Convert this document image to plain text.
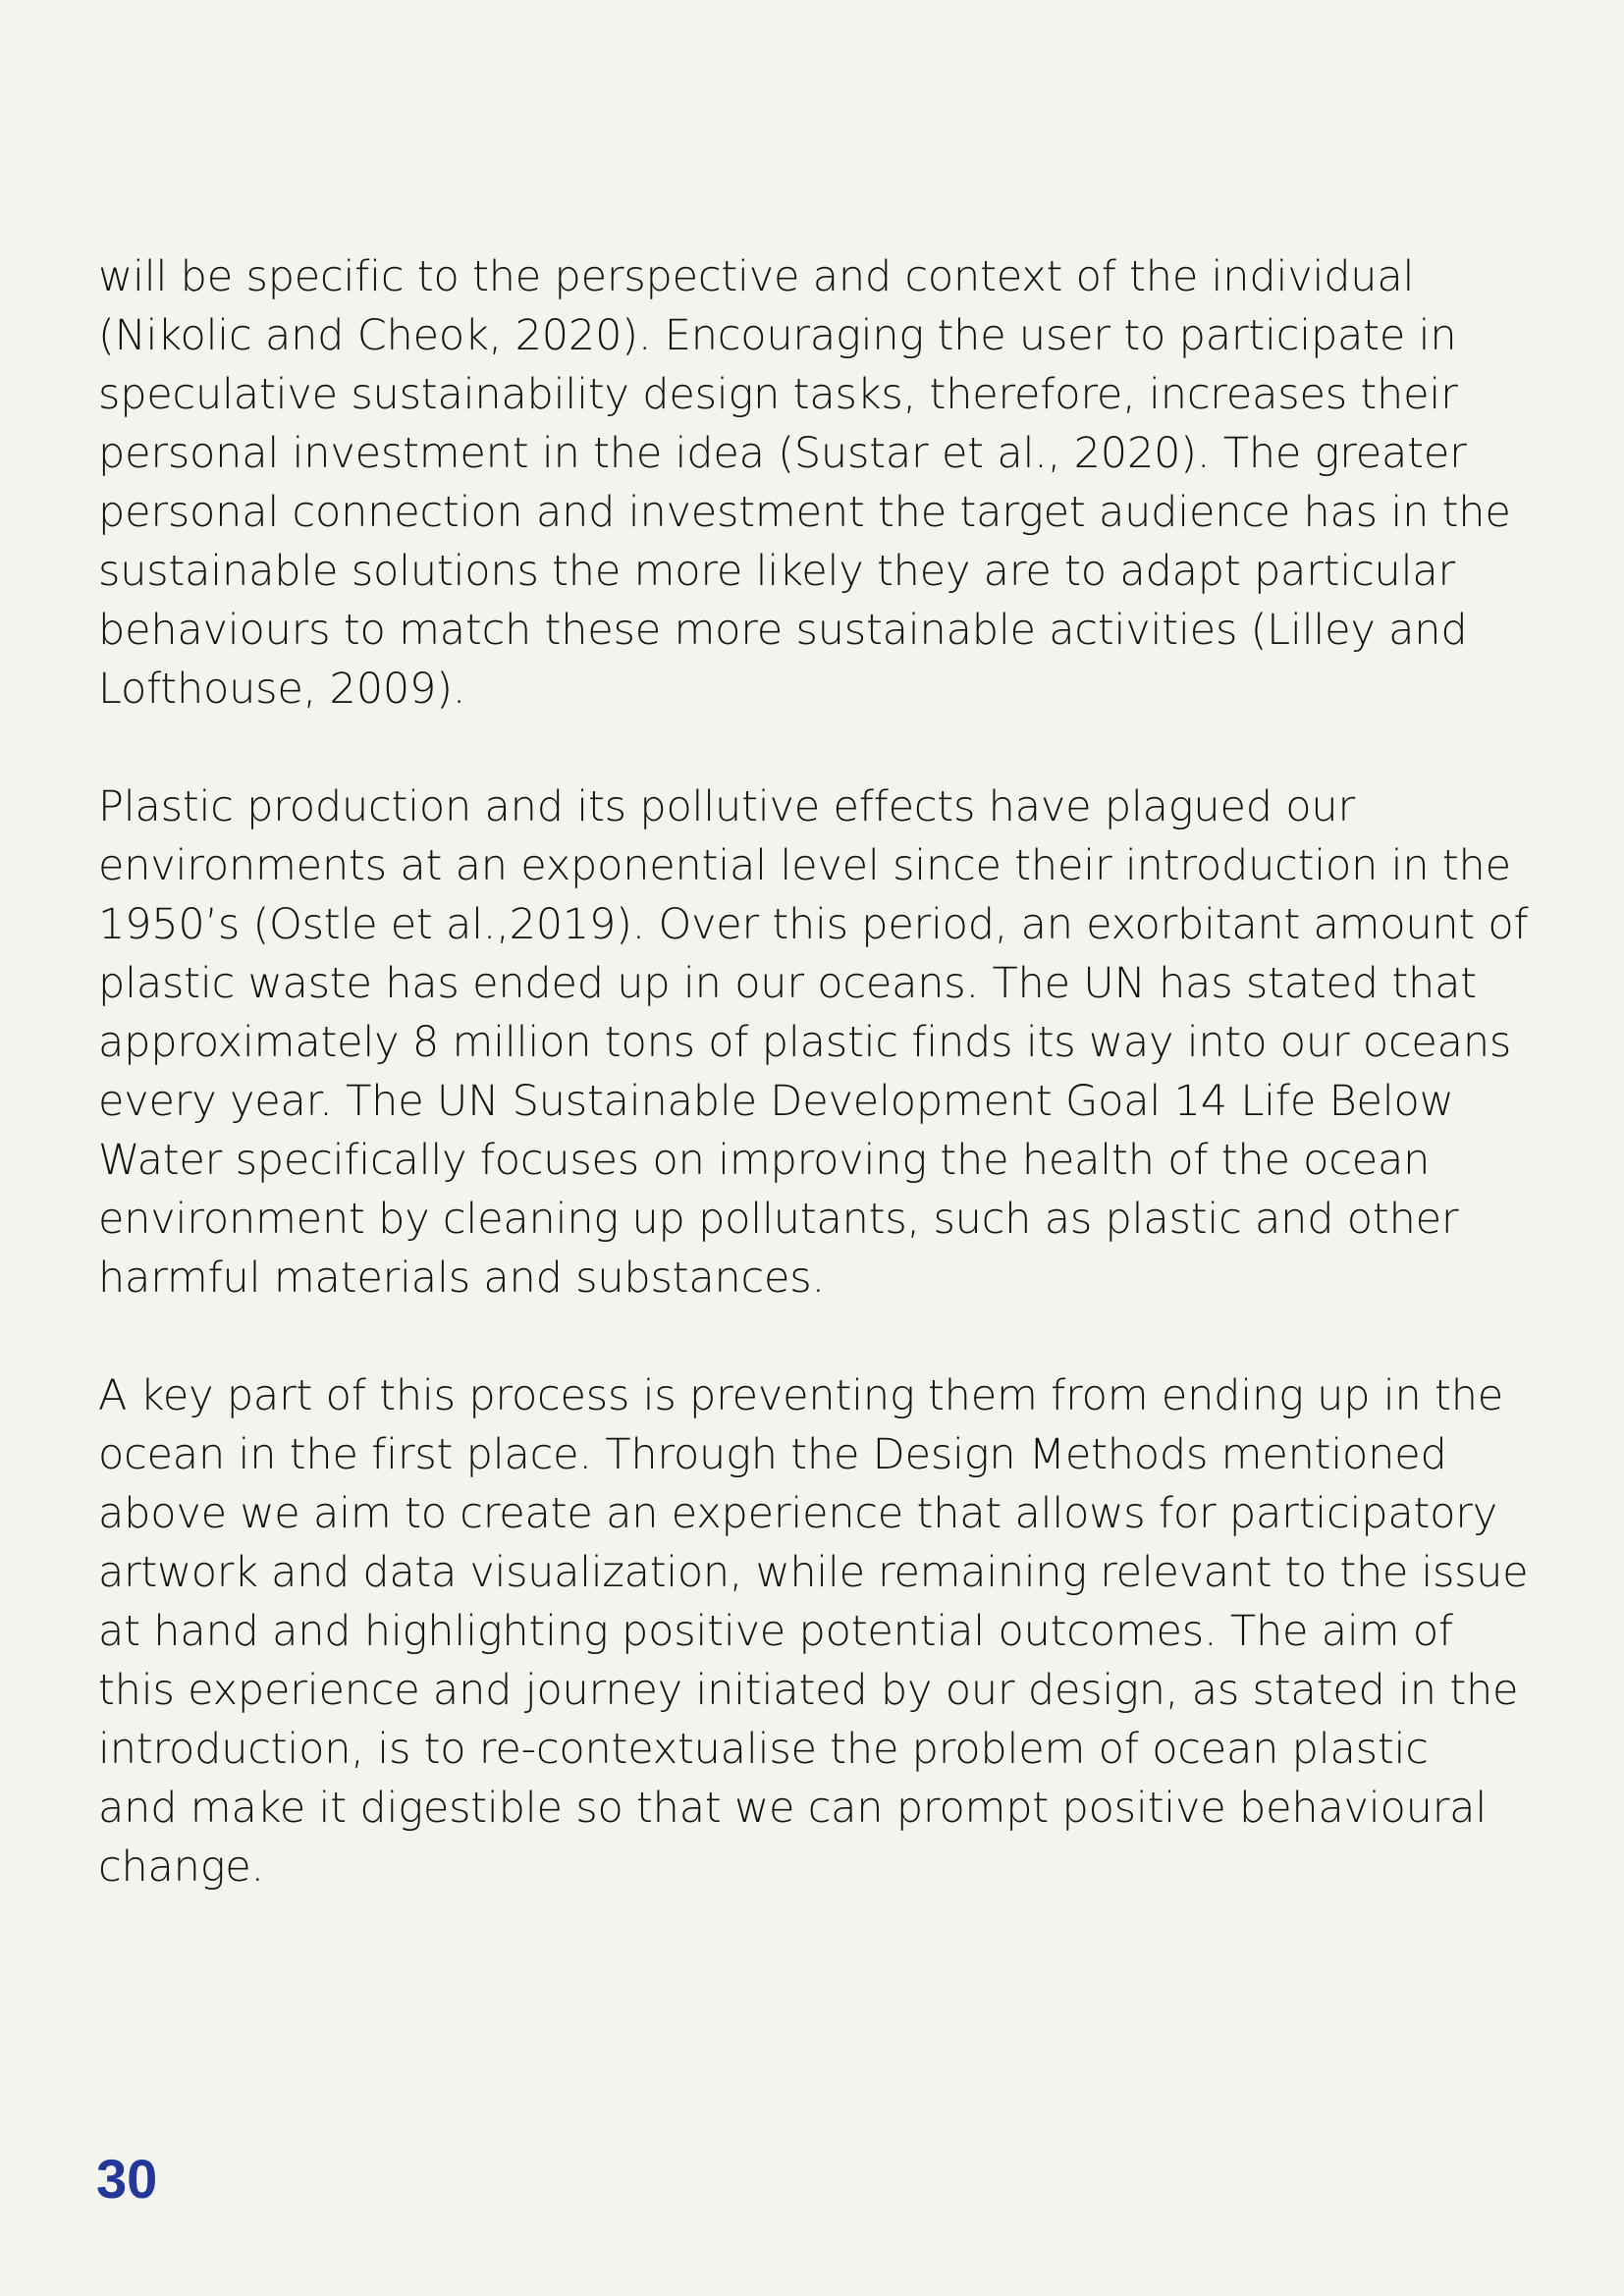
will be specific to the perspective and context of the individual
(Nikolic and Cheok, 2020). Encouraging the user to participate in
speculative sustainability design tasks, therefore, increases their
personal investment in the idea (Sustar et al., 2020). The greater
personal connection and investment the target audience has in the
sustainable solutions the more likely they are to adapt particular
behaviours to match these more sustainable activities (Lilley and
Lofthouse, 2009).

Plastic production and its pollutive effects have plagued our
environments at an exponential level since their introduction in the
1950’s (Ostle et al.,2019). Over this period, an exorbitant amount of
plastic waste has ended up in our oceans. The UN has stated that
approximately 8 million tons of plastic finds its way into our oceans
every year. The UN Sustainable Development Goal 14 Life Below
Water specifically focuses on improving the health of the ocean
environment by cleaning up pollutants, such as plastic and other
harmful materials and substances.

A key part of this process is preventing them from ending up in the
ocean in the first place. Through the Design Methods mentioned
above we aim to create an experience that allows for participatory
artwork and data visualization, while remaining relevant to the issue
at hand and highlighting positive potential outcomes. The aim of
this experience and journey initiated by our design, as stated in the
introduction, is to re-contextualise the problem of ocean plastic
and make it digestible so that we can prompt positive behavioural
change.

30
